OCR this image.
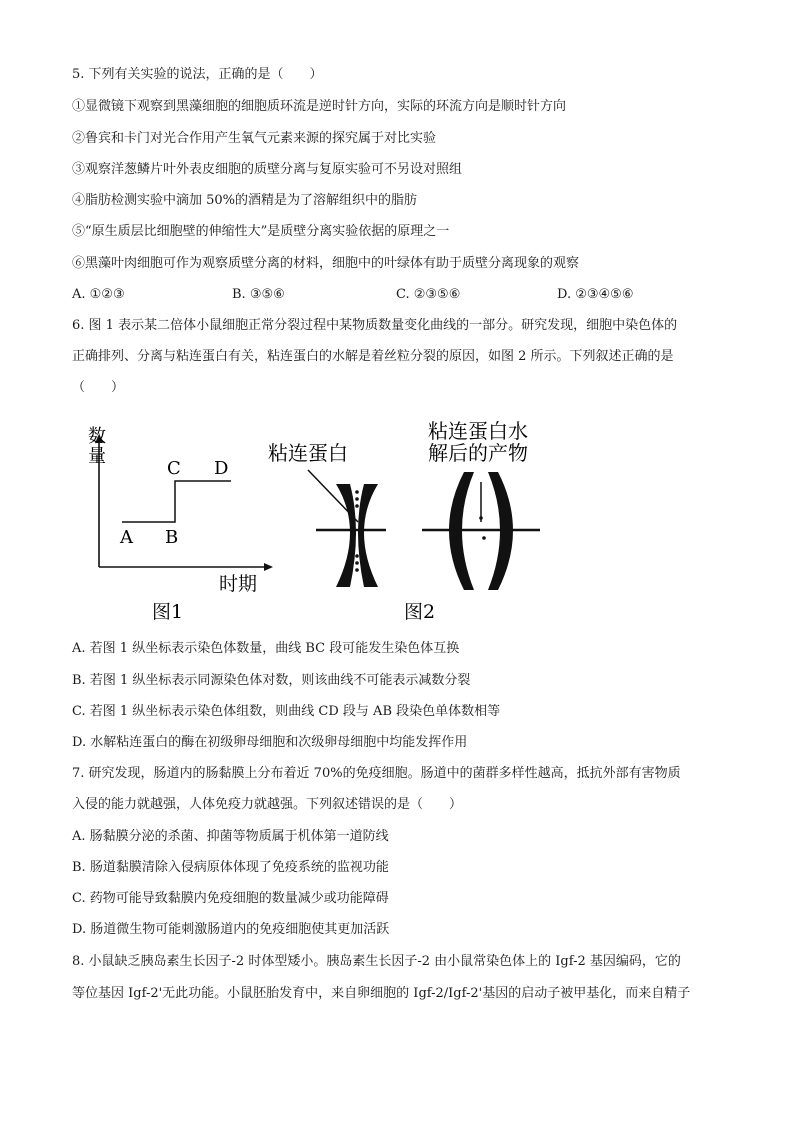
5. 下列有关实验的说法，正确的是（　　）
①显微镜下观察到黑藻细胞的细胞质环流是逆时针方向，实际的环流方向是顺时针方向
②鲁宾和卡门对光合作用产生氧气元素来源的探究属于对比实验
③观察洋葱鳞片叶外表皮细胞的质壁分离与复原实验可不另设对照组
④脂肪检测实验中滴加 50%的酒精是为了溶解组织中的脂肪
⑤“原生质层比细胞壁的伸缩性大”是质壁分离实验依据的原理之一
⑥黑藻叶肉细胞可作为观察质壁分离的材料，细胞中的叶绿体有助于质壁分离现象的观察
A. ①②③	B. ③⑤⑥	C. ②③⑤⑥	D. ②③④⑤⑥
6. 图 1 表示某二倍体小鼠细胞正常分裂过程中某物质数量变化曲线的一部分。研究发现，细胞中染色体的
正确排列、分离与粘连蛋白有关，粘连蛋白的水解是着丝粒分裂的原因，如图 2 所示。下列叙述正确的是
（　　）
数
量
A B
C D
时期
图1
粘连蛋白
粘连蛋白水
解后的产物
图2
A. 若图 1 纵坐标表示染色体数量，曲线 BC 段可能发生染色体互换
B. 若图 1 纵坐标表示同源染色体对数，则该曲线不可能表示减数分裂
C. 若图 1 纵坐标表示染色体组数，则曲线 CD 段与 AB 段染色单体数相等
D. 水解粘连蛋白的酶在初级卵母细胞和次级卵母细胞中均能发挥作用
7. 研究发现，肠道内的肠黏膜上分布着近 70%的免疫细胞。肠道中的菌群多样性越高，抵抗外部有害物质
入侵的能力就越强，人体免疫力就越强。下列叙述错误的是（　　）
A. 肠黏膜分泌的杀菌、抑菌等物质属于机体第一道防线
B. 肠道黏膜清除入侵病原体体现了免疫系统的监视功能
C. 药物可能导致黏膜内免疫细胞的数量减少或功能障碍
D. 肠道微生物可能刺激肠道内的免疫细胞使其更加活跃
8. 小鼠缺乏胰岛素生长因子-2 时体型矮小。胰岛素生长因子-2 由小鼠常染色体上的 Igf-2 基因编码，它的
等位基因 Igf-2'无此功能。小鼠胚胎发育中，来自卵细胞的 Igf-2/Igf-2'基因的启动子被甲基化，而来自精子
